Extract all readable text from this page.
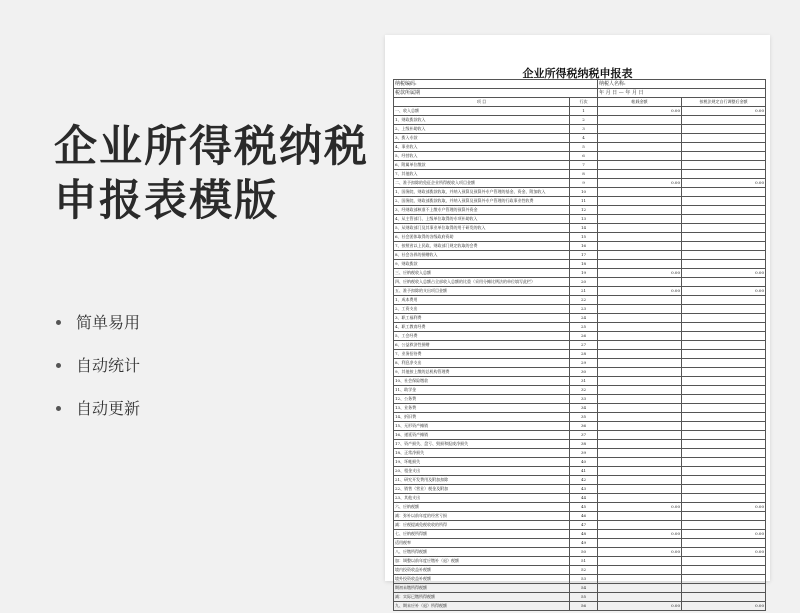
企业所得税纳税申报表模版
简单易用
自动统计
自动更新
企业所得税纳税申报表
纳税编码:		纳税人名称:	
税款所属期		年 月 日 — 年 月 日	
项 目	行次	帐载金额	按税法规定自行调整后金额
一、收入总额	1	0.00	0.00
1、财政拨款收入	2		
2、上级补助收入	3		
3、拨入专款	4		
4、事业收入	5		
5、经营收入	6		
6、附属单位缴款	7		
7、其他收入	8		
二、准予扣除的免征企业所得税收入项目金额	9	0.00	0.00
1、国务院、财政部拨款收取，并纳入预算及预算外专户管理的基金、资金、附加收入	10		
2、国务院、财政部拨款收取，并纳入预算及预算外专户管理的行政事业性收费	11		
3、经财政部核准不上缴专户管理的预算外资金	12		
4、从主管部门、上级单位取得的专项补助收入	13		
5、从财政部门及其事业单位取得的用于研发的收入	14		
6、社会团体取得的各级政府资助	15		
7、按照省以上民政、财政部门规定收取的会费	16		
8、社会各界的捐赠收入	17		
9、财政拨款	18		
三、应纳税收入总额	19	0.00	0.00
四、应纳税收入总额占全部收入总额的比重（采用分摊比例法的单位填写此栏）	20		
五、准予扣除的支出项目金额	21	0.00	0.00
1、成本费用	22		
2、工资支出	23		
3、职工福利费	24		
4、职工教育经费	25		
5、工会经费	26		
6、公益救济性捐赠	27		
7、业务招待费	28		
8、利息净支出	29		
9、其他按上缴的总机构管理费	30		
10、社会保险缴款	31		
11、助学金	32		
12、公务费	33		
13、业务费	34		
14、折旧费	35		
15、无形资产摊销	36		
16、递延资产摊销	37		
17、资产损失、盘亏、毁损和报废净损失	38		
18、正常净损失	39		
19、坏帐损失	40		
20、租金支出	41		
21、研究开发费用及附加扣除	42		
22、销售（营业）税金及附加	43		
23、其他支出	44		
六、应纳税额	45	0.00	0.00
减：弥补以前年度的经营亏损	46		
减：应税提减免税收收的所得	47		
七、应纳税所得额	48	0.00	0.00
适用税率	49		
八、应缴所得税额	50	0.00	0.00
加：调整以前年度应缴补（退）税额	51		
境内投资收益补税额	52		
境外投资收益补税额	53		
期初未缴所得税额	54		
减：实际已缴所得税额	55		
九、期末应补（退）所得税额	56	0.00	0.00
